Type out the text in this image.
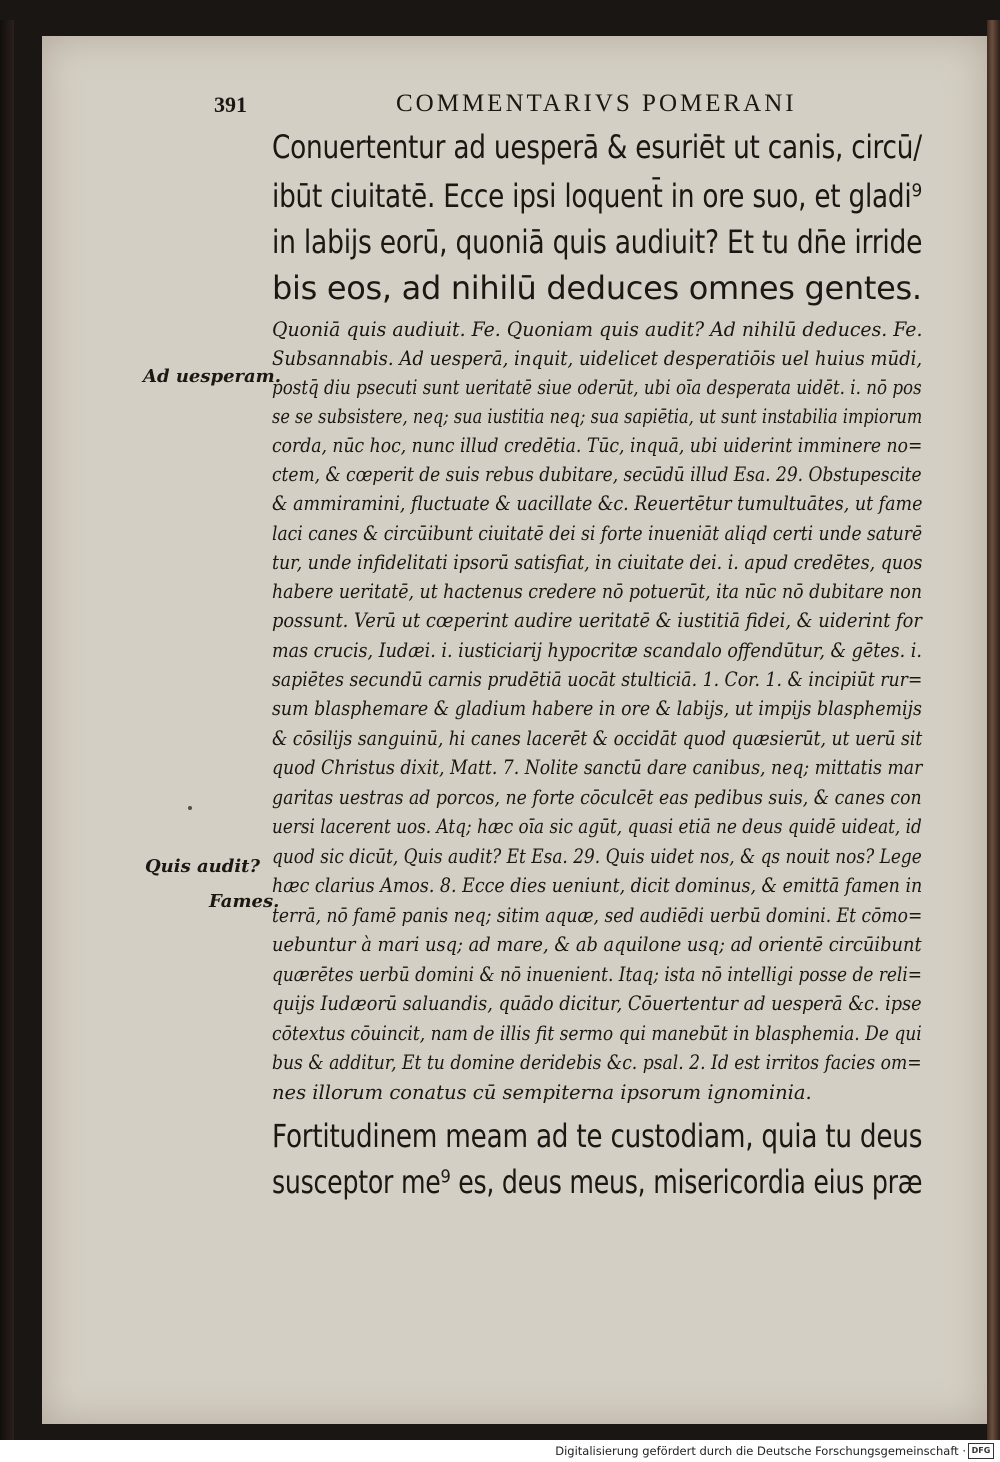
391	COMMENTARIVS POMERANI
Conuertentur ad uesperā & esuriēt ut canis, circū/
ibūt ciuitatē. Ecce ipsi loquent̄ in ore suo, et gladi⁹
in labijs eorū, quoniā quis audiuit? Et tu dn̄e irride
bis eos, ad nihilū deduces omnes gentes.
Ad uesperam.
Quis audit?
Fames.
Quoniā quis audiuit. Fe. Quoniam quis audit? Ad nihilū deduces. Fe.
Subsannabis. Ad uesperā, inquit, uidelicet desperatiōis uel huius mūdi,
postq̄ diu psecuti sunt ueritatē siue oderūt, ubi oīa desperata uidēt. i. nō pos
se se subsistere, neq; sua iustitia neq; sua sapiētia, ut sunt instabilia impiorum
corda, nūc hoc, nunc illud credētia. Tūc, inquā, ubi uiderint imminere no=
ctem, & cœperit de suis rebus dubitare, secūdū illud Esa. 29. Obstupescite
& ammiramini, fluctuate & uacillate &c. Reuertētur tumultuātes, ut fame
laci canes & circūibunt ciuitatē dei si forte inueniāt aliqd certi unde saturē
tur, unde infidelitati ipsorū satisfiat, in ciuitate dei. i. apud credētes, quos
habere ueritatē, ut hactenus credere nō potuerūt, ita nūc nō dubitare non
possunt. Verū ut cœperint audire ueritatē & iustitiā fidei, & uiderint for
mas crucis, Iudæi. i. iusticiarij hypocritæ scandalo offendūtur, & gētes. i.
sapiētes secundū carnis prudētiā uocāt stulticiā. 1. Cor. 1. & incipiūt rur=
sum blasphemare & gladium habere in ore & labijs, ut impijs blasphemijs
& cōsilijs sanguinū, hi canes lacerēt & occidāt quod quæsierūt, ut uerū sit
quod Christus dixit, Matt. 7. Nolite sanctū dare canibus, neq; mittatis mar
garitas uestras ad porcos, ne forte cōculcēt eas pedibus suis, & canes con
uersi lacerent uos. Atq; hæc oīa sic agūt, quasi etiā ne deus quidē uideat, id
quod sic dicūt, Quis audit? Et Esa. 29. Quis uidet nos, & qs nouit nos? Lege
hæc clarius Amos. 8. Ecce dies ueniunt, dicit dominus, & emittā famen in
terrā, nō famē panis neq; sitim aquæ, sed audiēdi uerbū domini. Et cōmo=
uebuntur à mari usq; ad mare, & ab aquilone usq; ad orientē circūibunt
quærētes uerbū domini & nō inuenient. Itaq; ista nō intelligi posse de reli=
quijs Iudæorū saluandis, quādo dicitur, Cōuertentur ad uesperā &c. ipse
cōtextus cōuincit, nam de illis fit sermo qui manebūt in blasphemia. De qui
bus & additur, Et tu domine deridebis &c. psal. 2. Id est irritos facies om=
nes illorum conatus cū sempiterna ipsorum ignominia.
Fortitudinem meam ad te custodiam, quia tu deus
susceptor me⁹ es, deus meus, misericordia eius præ
Digitalisierung gefördert durch die Deutsche Forschungsgemeinschaft · DFG
